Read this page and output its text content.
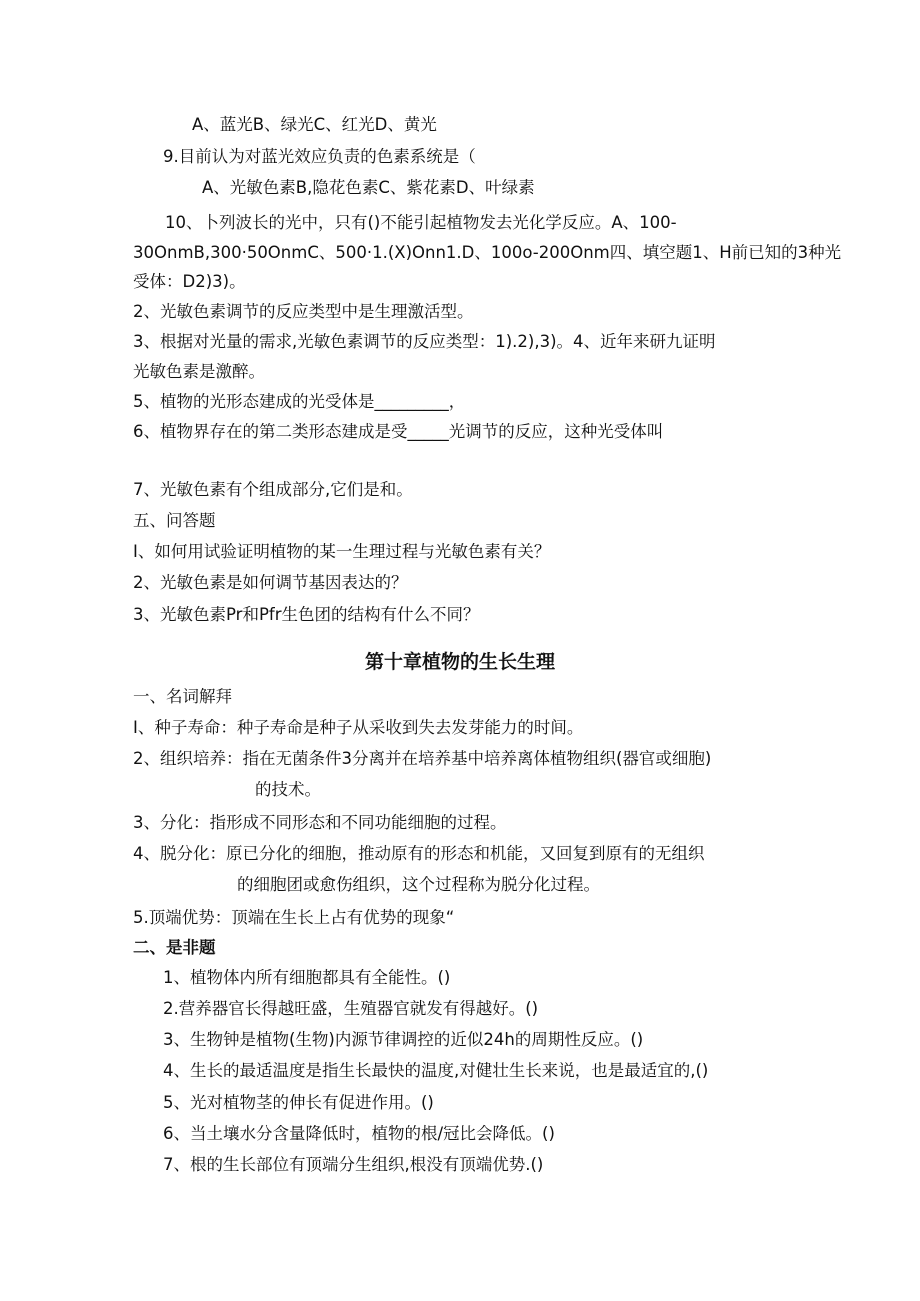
A、蓝光B、绿光C、红光D、黄光

9.目前认为对蓝光效应负责的色素系统是（

A、光敏色素B,隐花色素C、紫花素D、叶绿素

10、卜列波长的光中，只有()不能引起植物发去光化学反应。A、100-

30OnmB,300·50OnmC、500·1.(X)Onn1.D、100o-200Onm四、填空题1、H前已知的3种光

受体：D2)3)。

2、光敏色素调节的反应类型中是生理激活型。

3、根据对光量的需求,光敏色素调节的反应类型：1).2),3)。4、近年来研九证明

光敏色素是激醉。

5、植物的光形态建成的光受体是_________，

6、植物界存在的第二类形态建成是受_____光调节的反应，这种光受体叫

7、光敏色素有个组成部分,它们是和。

五、问答题

I、如何用试验证明植物的某一生理过程与光敏色素有关？

2、光敏色素是如何调节基因表达的？

3、光敏色素Pr和Pfr生色团的结构有什么不同？

第十章植物的生长生理

一、名词解拜

I、种子寿命：种子寿命是种子从采收到失去发芽能力的时间。

2、组织培养：指在无菌条件3分离并在培养基中培养离体植物组织(器官或细胞)

的技术。

3、分化：指形成不同形态和不同功能细胞的过程。

4、脱分化：原已分化的细胞，推动原有的形态和机能，又回复到原有的无组织

的细胞团或愈伤组织，这个过程称为脱分化过程。

5.顶端优势：顶端在生长上占有优势的现象“

二、是非题

1、植物体内所有细胞都具有全能性。()

2.营养器官长得越旺盛，生殖器官就发有得越好。()

3、生物钟是植物(生物)内源节律调控的近似24h的周期性反应。()

4、生长的最适温度是指生长最快的温度,对健壮生长来说，也是最适宜的,()

5、光对植物茎的伸长有促进作用。()

6、当土壤水分含量降低时，植物的根/冠比会降低。()

7、根的生长部位有顶端分生组织,根没有顶端优势.()
